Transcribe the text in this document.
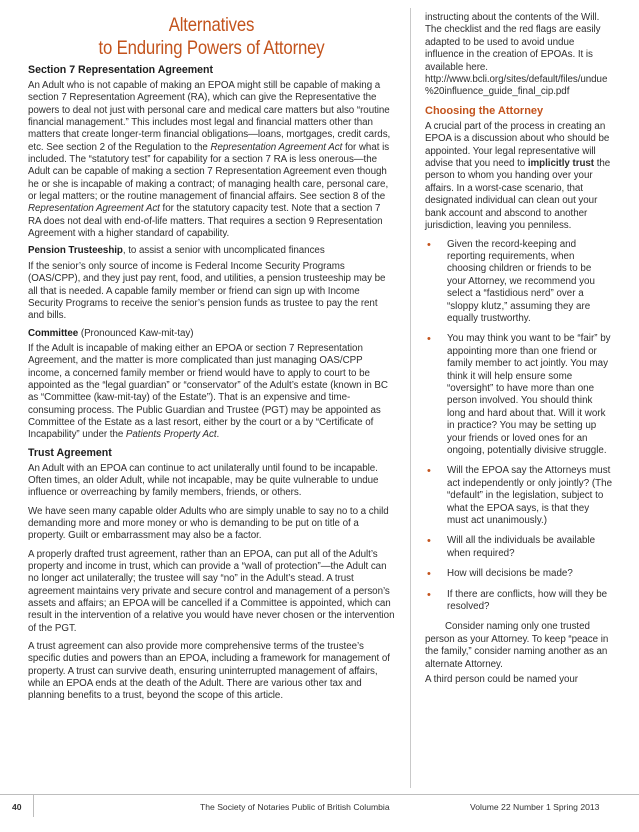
Alternatives
to Enduring Powers of Attorney
Section 7 Representation Agreement

An Adult who is not capable of making an EPOA might still be capable of making a section 7 Representation Agreement (RA), which can give the Representative the powers to deal not just with personal care and medical care matters but also “routine financial management.” This includes most legal and financial matters other than matters that create longer-term financial obligations—loans, mortgages, credit cards, etc. See section 2 of the Regulation to the Representation Agreement Act for what is included. The “statutory test” for capability for a section 7 RA is less onerous—the Adult can be capable of making a section 7 Representation Agreement even though he or she is incapable of making a contract; of managing health care, personal care, or legal matters; or the routine management of financial affairs. See section 8 of the Representation Agreement Act for the statutory capacity test. Note that a section 7 RA does not deal with end-of-life matters. That requires a section 9 Representation Agreement with a higher standard of capability.

Pension Trusteeship, to assist a senior with uncomplicated finances

If the senior’s only source of income is Federal Income Security Programs (OAS/CPP), and they just pay rent, food, and utilities, a pension trusteeship may be all that is needed. A capable family member or friend can sign up with Income Security Programs to receive the senior’s pension funds as trustee to pay the rent and bills.

Committee (Pronounced Kaw-mit-tay)

If the Adult is incapable of making either an EPOA or section 7 Representation Agreement, and the matter is more complicated than just managing OAS/CPP income, a concerned family member or friend would have to apply to court to be appointed as the “legal guardian” or “conservator” of the Adult’s estate (known in BC as “Committee (kaw-mit-tay) of the Estate”). That is an expensive and time-consuming process. The Public Guardian and Trustee (PGT) may be appointed as Committee of the Estate as a last resort, either by the court or a by “Certificate of Incapability” under the Patients Property Act.

Trust Agreement

An Adult with an EPOA can continue to act unilaterally until found to be incapable. Often times, an older Adult, while not incapable, may be quite vulnerable to undue influence or overreaching by family members, friends, or others.

We have seen many capable older Adults who are simply unable to say no to a child demanding more and more money or who is demanding to be put on title of a property. Guilt or embarrassment may also be a factor.

A properly drafted trust agreement, rather than an EPOA, can put all of the Adult’s property and income in trust, which can provide a “wall of protection”—the Adult can no longer act unilaterally; the trustee will say “no” in the Adult’s stead. A trust agreement maintains very private and secure control and management of a person’s assets and affairs; an EPOA will be cancelled if a Committee is appointed, which can result in the intervention of a relative you would have never chosen or the intervention of the PGT.

A trust agreement can also provide more comprehensive terms of the trustee’s specific duties and powers than an EPOA, including a framework for management of property. A trust can survive death, ensuring uninterrupted management of affairs, while an EPOA ends at the death of the Adult. There are various other tax and planning benefits to a trust, beyond the scope of this article.

instructing about the contents of the Will. The checklist and the red flags are easily adapted to be used to avoid undue influence in the creation of EPOAs. It is available here. http://www.bcli.org/sites/default/files/undue%20influence_guide_final_cip.pdf

Choosing the Attorney

A crucial part of the process in creating an EPOA is a discussion about who should be appointed. Your legal representative will advise that you need to implicitly trust the person to whom you handing over your affairs. In a worst-case scenario, that designated individual can clean out your bank account and abscond to another jurisdiction, leaving you penniless.

• Given the record-keeping and reporting requirements, when choosing children or friends to be your Attorney, we recommend you select a “fastidious nerd” over a “sloppy klutz,” assuming they are equally trustworthy.
• You may think you want to be “fair” by appointing more than one friend or family member to act jointly. You may think it will help ensure some “oversight” to have more than one person involved. You should think long and hard about that. Will it work in practice? You may be setting up your friends or loved ones for an ongoing, potentially divisive struggle.
• Will the EPOA say the Attorneys must act independently or only jointly? (The “default” in the legislation, subject to what the EPOA says, is that they must act unanimously.)
• Will all the individuals be available when required?
• How will decisions be made?
• If there are conflicts, how will they be resolved?

Consider naming only one trusted person as your Attorney. To keep “peace in the family,” consider naming another as an alternate Attorney.

A third person could be named your

40	The Society of Notaries Public of British Columbia	Volume 22 Number 1 Spring 2013
